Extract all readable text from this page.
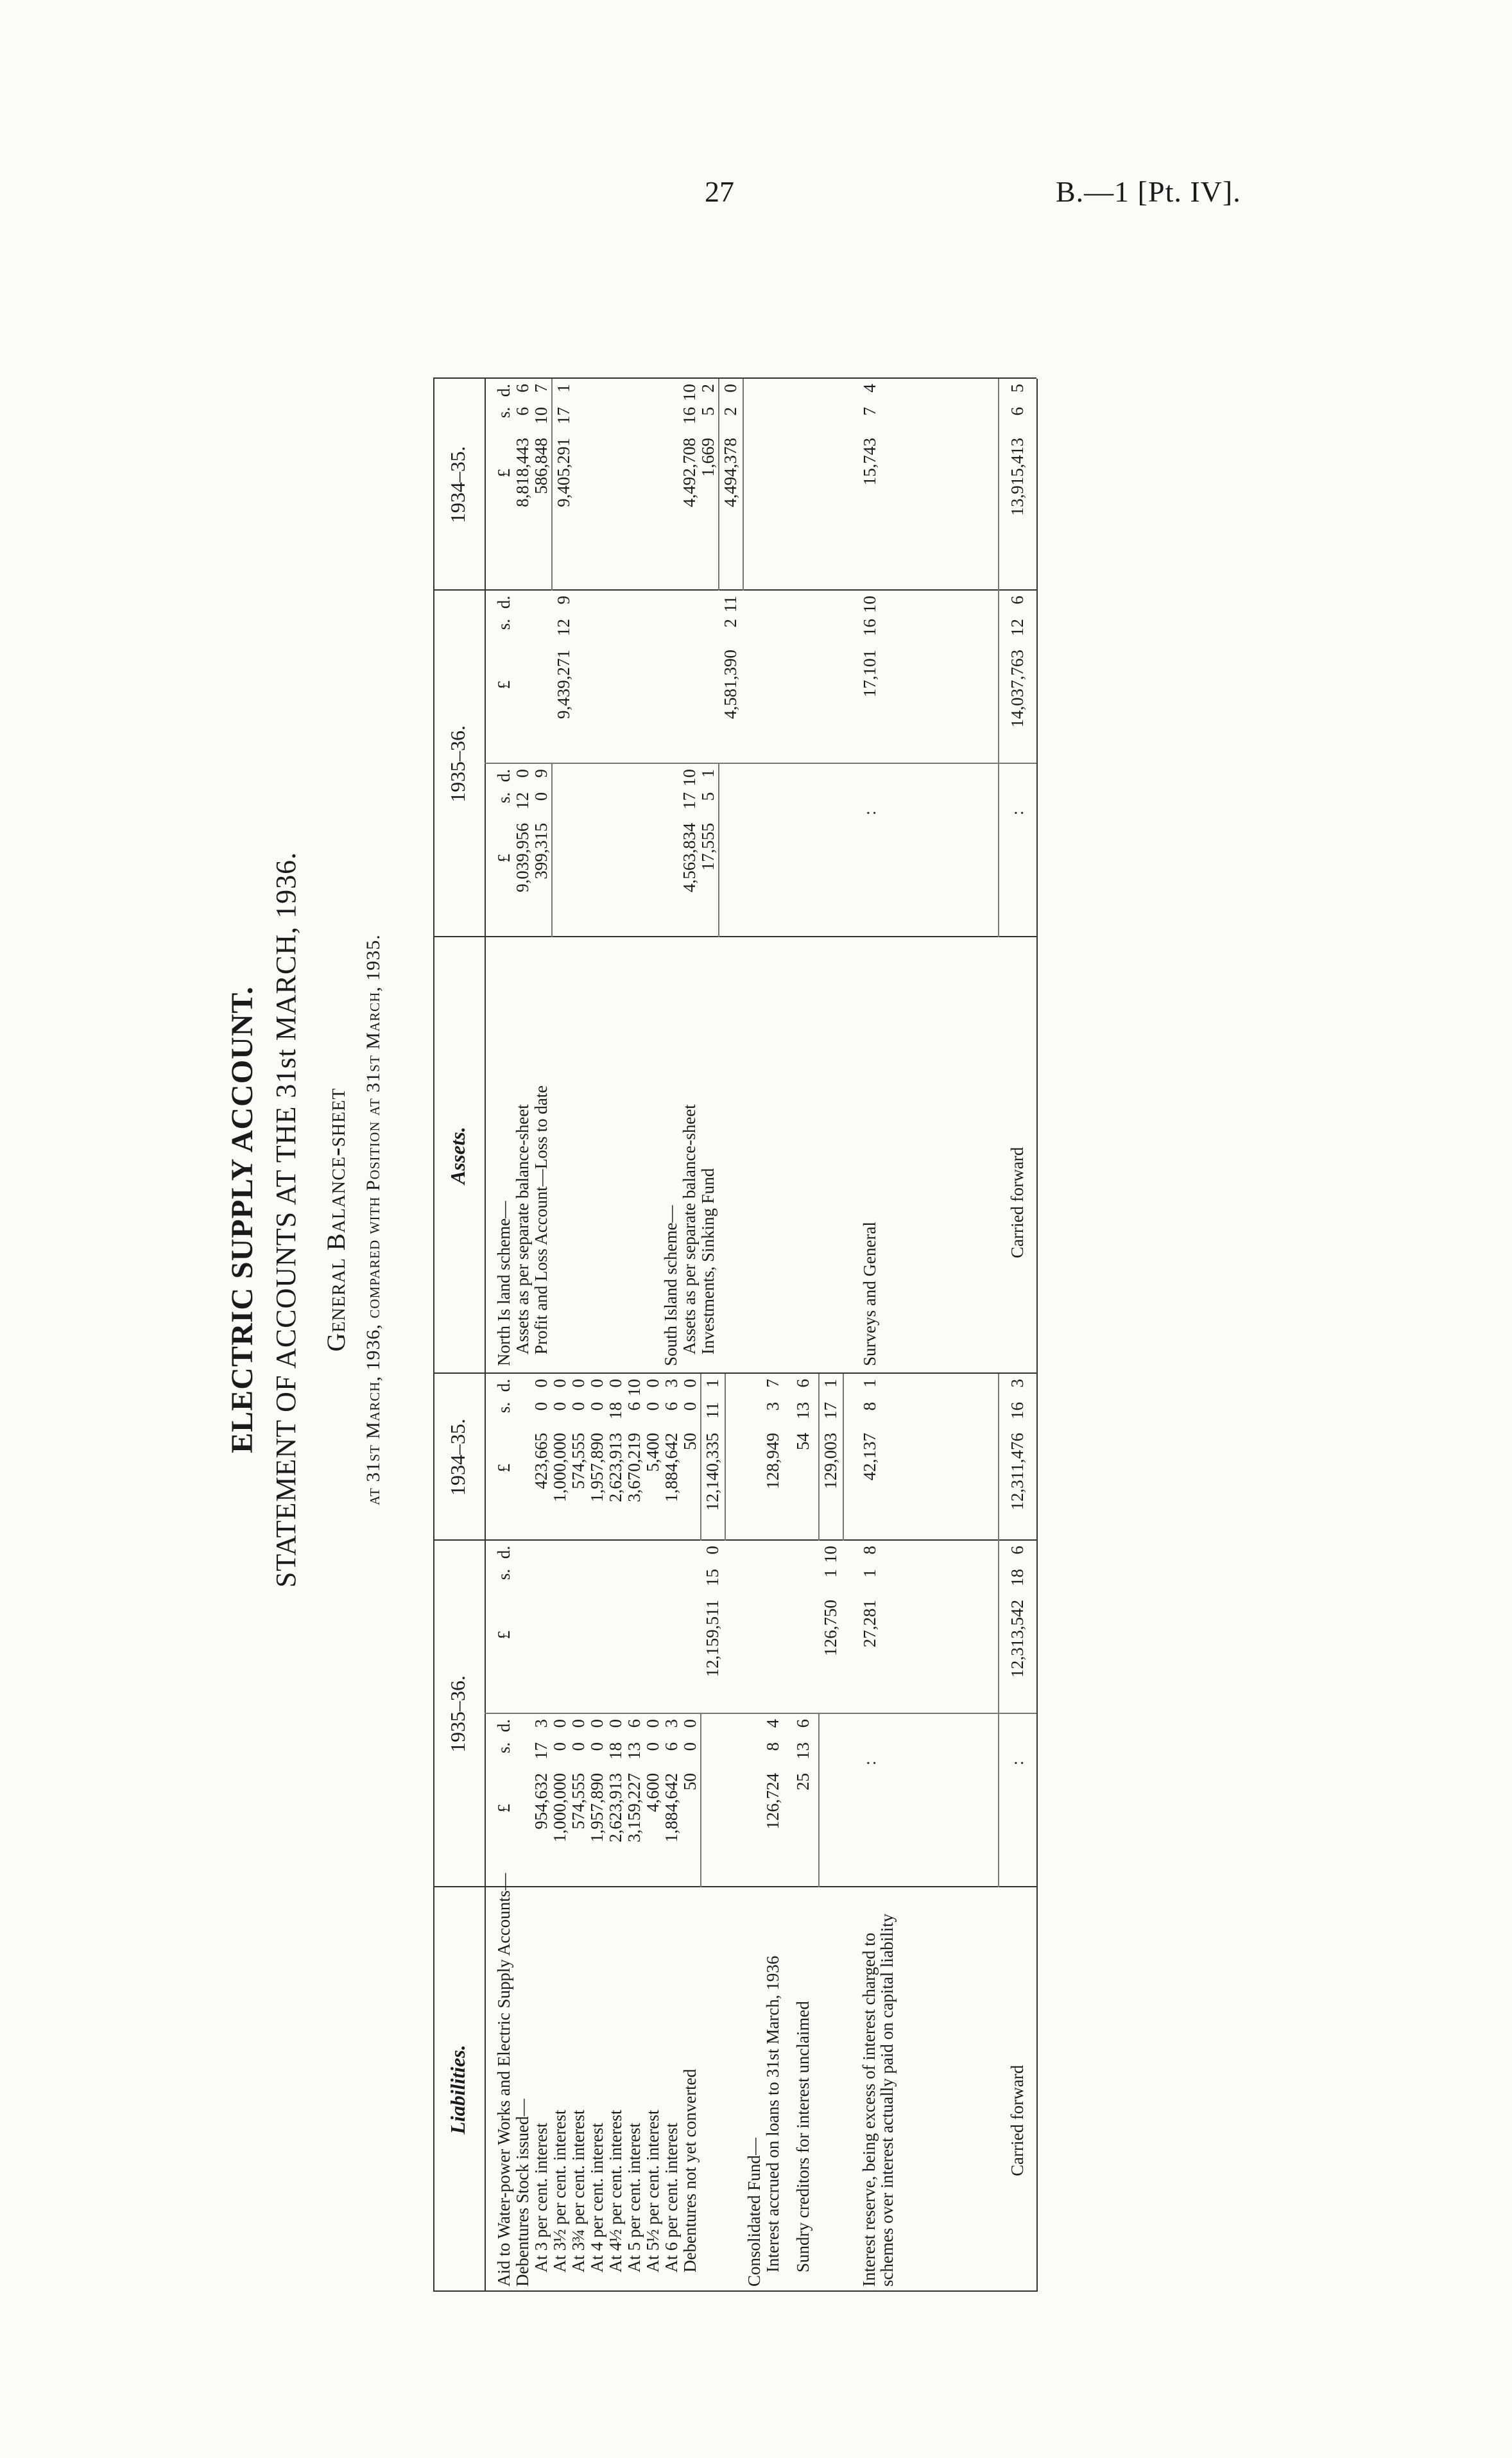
27	B.—1 [Pt. IV].
ELECTRIC SUPPLY ACCOUNT. STATEMENT OF ACCOUNTS AT THE 31st MARCH, 1936. General Balance-sheet at 31st March, 1936, compared with Position at 31st March, 1935.
Liabilities.
1935–36.
1934–35.
Assets.
1935–36.
1934–35.
£
s.
d.
£
s.
d.
£
s.
d.
£
s.
d.
£
s.
d.
£
s.
d.
Aid to Water-power Works and Electric Supply Accounts— Debentures Stock issued— At 3 per cent. interest
954,632
17
3
423,665
0
0
At 3½ per cent. interest
1,000,000
0
0
1,000,000
0
0
At 3¾ per cent. interest
574,555
0
0
574,555
0
0
At 4 per cent. interest
1,957,890
0
0
1,957,890
0
0
At 4½ per cent. interest
2,623,913
18
0
2,623,913
18
0
At 5 per cent. interest
3,159,227
13
6
3,670,219
6
10
At 5½ per cent. interest
4,600
0
0
5,400
0
0
At 6 per cent. interest
1,884,642
6
3
1,884,642
6
3
Debentures not yet converted
50
0
0
50
0
0
12,159,511
15
0
12,140,335
11
1
Consolidated Fund— Interest accrued on loans to 31st March, 1936
126,724
8
4
128,949
3
7
Sundry creditors for interest unclaimed
25
13
6
54
13
6
126,750
1
10
129,003
17
1
Interest reserve, being excess of interest charged to schemes over interest actually paid on capital liability
:
27,281
1
8
42,137
8
1
Carried forward
:
12,313,542
18
6
12,311,476
16
3
North Is land scheme— Assets as per separate balance-sheet
9,039,956
12
0
8,818,443
6
6
Profit and Loss Account—Loss to date
399,315
0
9
586,848
10
7
9,439,271
12
9
9,405,291
17
1
South Island scheme— Assets as per separate balance-sheet
4,563,834
17
10
4,492,708
16
10
Investments, Sinking Fund
17,555
5
1
1,669
5
2
4,581,390
2
11
4,494,378
2
0
Surveys and General
:
17,101
16
10
15,743
7
4
Carried forward
:
14,037,763
12
6
13,915,413
6
5
